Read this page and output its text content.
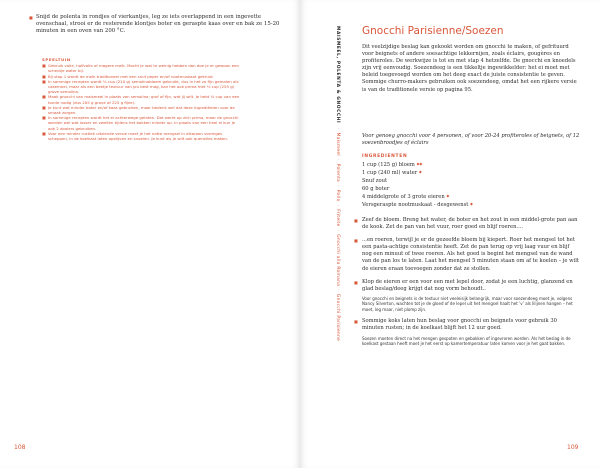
■ Snijd de polenta in rondjes of vierkantjes, leg ze iets overlappend in een ingevette ovenschaal, strooi er de resterende klontjes boter en geraspte kaas over en bak ze 15-20 minuten in een oven van 200 °C.
SPEELTUIN
■ Gebruik volle, halfvolle of magere melk. Mocht je wat te weinig hebben dan doe je er gewoon een scheutje water bij.
■ Bij stap 1 wordt de melk traditioneel met een snuf peper en/of nootmuskaat gekruid.
■ In sommige recepten wordt ⅓ cup (210 g) semolinabloem gebruikt, dus in het zo fijn gemalen als cakemeel, maar als een beetje textuur van jou best mag, kan het ook prima met ⅓ cup (255 g) grove semolina.
■ Maak gnocchi van maismeel in plaats van semolina; grof of fijn, wat jij wilt. Je hebt ⅓ cup van een tonde nodig (dus 205 g grove of 225 g fijne).
■ Je kunt wat minder boter en/of kaas gebruiken, maar bedenk wel dat deze ingrediënten voor de smaak zorgen.
■ In sommige recepten wordt het ei achterwege gelaten. Dat werkt op zich prima, maar de gnocchi worden wel wat losser en zwellen tijdens het bakken minder op. In plaats van een heel ei kun je ook 2 dooiers gebruiken.
■ Voor een minder rustiek uitziende versie moet je het natte mengsel in elkaroon vormiges scheppen, in de koelkast laten opstijven en snoeien. Je kunt als je wilt ook quenelles maken.
108
MAISMEEL, POLENTA & GNOCCHI ·Maismeel·Polenta·Pollo·Fritelle·Gnocchi alla Romana·Gnocchi Parisienne
Gnocchi Parisienne/Soezen
Dit veelzijdige beslag kan gekookt worden om gnocchi te maken, of gefrituurd voor beignets of andere soesachtige lekkernijen, zoals éclairs, gougères en profiteroles. De werkwijze is tot en met stap 4 hetzelfde. De gnocchi en knoedels zijn vrij eenvoudig. Soezendeeg is een tikkeltje ingewikkelder: het ei moet met beleid toegevoegd worden om het deeg exact de juiste consistentie te geven. Sommige churro-makers gebruiken ook soezendeeg, omdat het een rijkere versie is van de traditionele versie op pagina 95.
Voor genoeg gnocchi voor 4 personen, of voor 20-24 profiteroles of beignets, of 12 soezenbroodjes of éclairs
INGREDIENTEN
1 cup (125 g) bloem ◆◆
1 cup (240 ml) water ◆
Snuf zout
60 g boter
4 middelgrote of 3 grote eieren ◆
Versgeraspte nootmuskaat - desgewenst ◆
■ Zeef de bloem. Breng het water, de boter en het zout in een middel-grote pan aan de kook. Zet de pan van het vuur, roer goed en blijf roeren....
■ ...en roeren, terwijl je er de gezeefde bloem bij kiepert. Roer het mengsel tot het een pasta-achtige consistentie heeft. Zet de pan terug op vrij laag vuur en blijf nog een minuut of twee roeren. Als het goed is begint het mengsel van de wand van de pan los te laten. Laat het mengsel 5 minuten staan om af te koelen – je wilt de eieren eraan toevoegen zonder dat ze stollen.
■ Klop de eieren er een voor een met lepel door, zodat je een luchtig, glanzend en glad beslag/deeg krijgt dat nog vorm behoudt..
Voor gnocchi en beignets is de textuur niet veeleisijk belangrijk, maar voor soezendeeg moet je, volgens Nancy Silverton, wachten tot je de gloed of de lepel uit het mengsel haalt het ‘v’ als lilijnen hangen – het moet, leg maar, niet plomp zijn.
■ Sommige koks laten hun beslag voor gnocchi en beignets voor gebruik 30 minuten rusten; in de koelkast blijft het 12 uur goed.
Soezen moeten direct na het mengen gespoten en gebakken of ingevroren worden. Als het beslag in de koelkast gestaan heeft moet je het eerst op kamertemperatuur laten komen voor je het gaat bakken.
109
